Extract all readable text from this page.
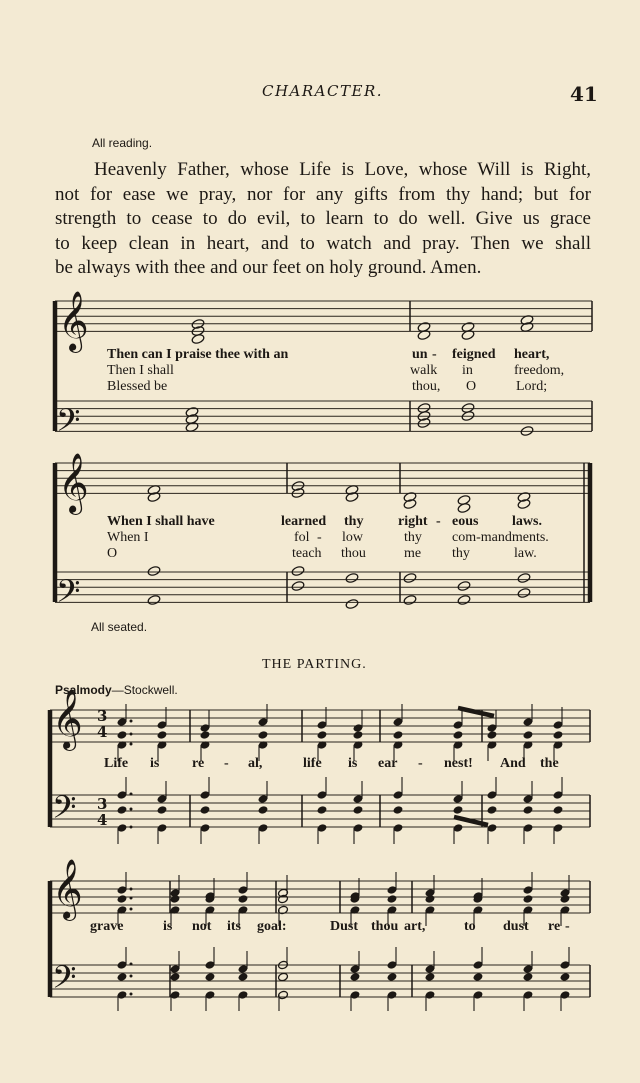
CHARACTER.	41
All reading.
Heavenly Father, whose Life is Love, whose Will is Right,
not for ease we pray, nor for any gifts from thy hand; but for
strength to cease to do evil, to learn to do well. Give us grace
to keep clean in heart, and to watch and pray. Then we shall
be always with thee and our feet on holy ground. Amen.
𝄞
𝄞
𝄞
𝄞
𝄢
𝄢
𝄢
𝄢
3
4
3
4
Then can I praise thee with an	un - feigned heart,
Then I shall	walk in	freedom,
Blessed be	thou, O	Lord;
When I shall have	learned thy right - eous laws.
When I	fol - low	thy com-mandments.
O	teach thou	me thy	law.
All seated.
THE PARTING.
Psalmody—Stockwell.
Life is re - al,	life is ear - nest! And the
grave	is not its goal:	Dust thou art,	to dust re -
